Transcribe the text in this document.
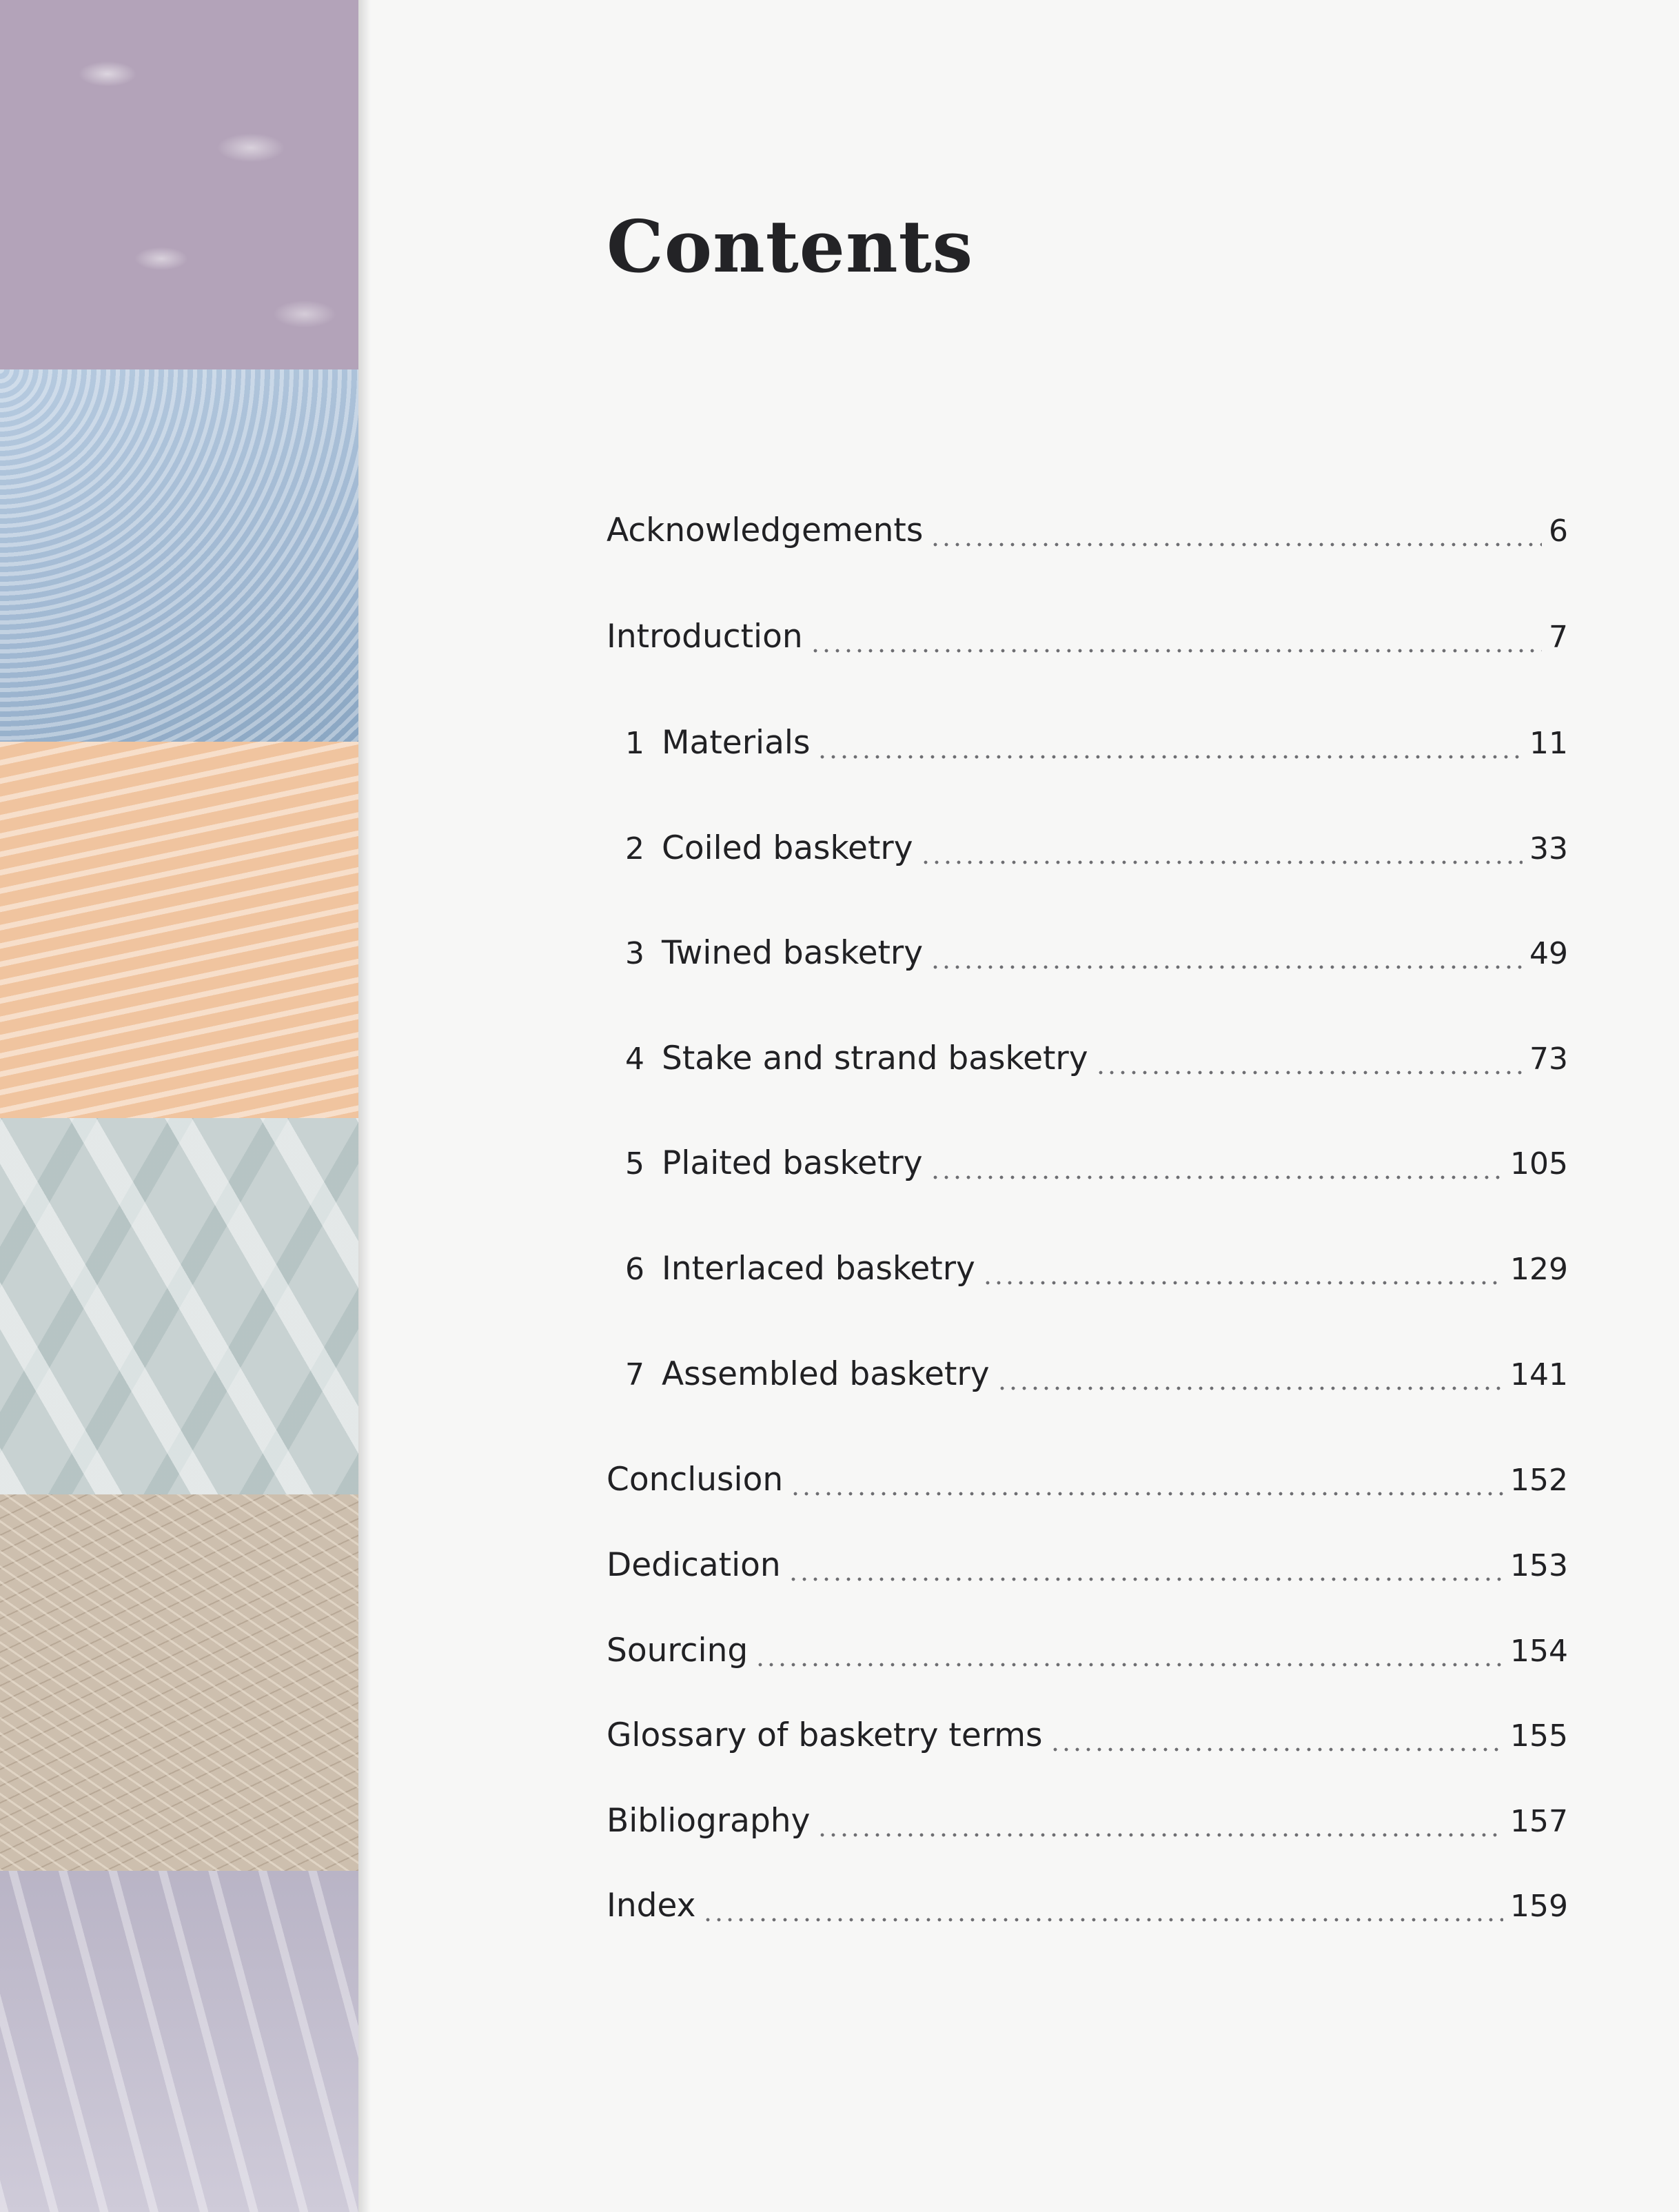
Contents
Acknowledgements	6
Introduction	7
1 Materials	11
2 Coiled basketry	33
3 Twined basketry	49
4 Stake and strand basketry	73
5 Plaited basketry	105
6 Interlaced basketry	129
7 Assembled basketry	141
Conclusion	152
Dedication	153
Sourcing	154
Glossary of basketry terms	155
Bibliography	157
Index	159
